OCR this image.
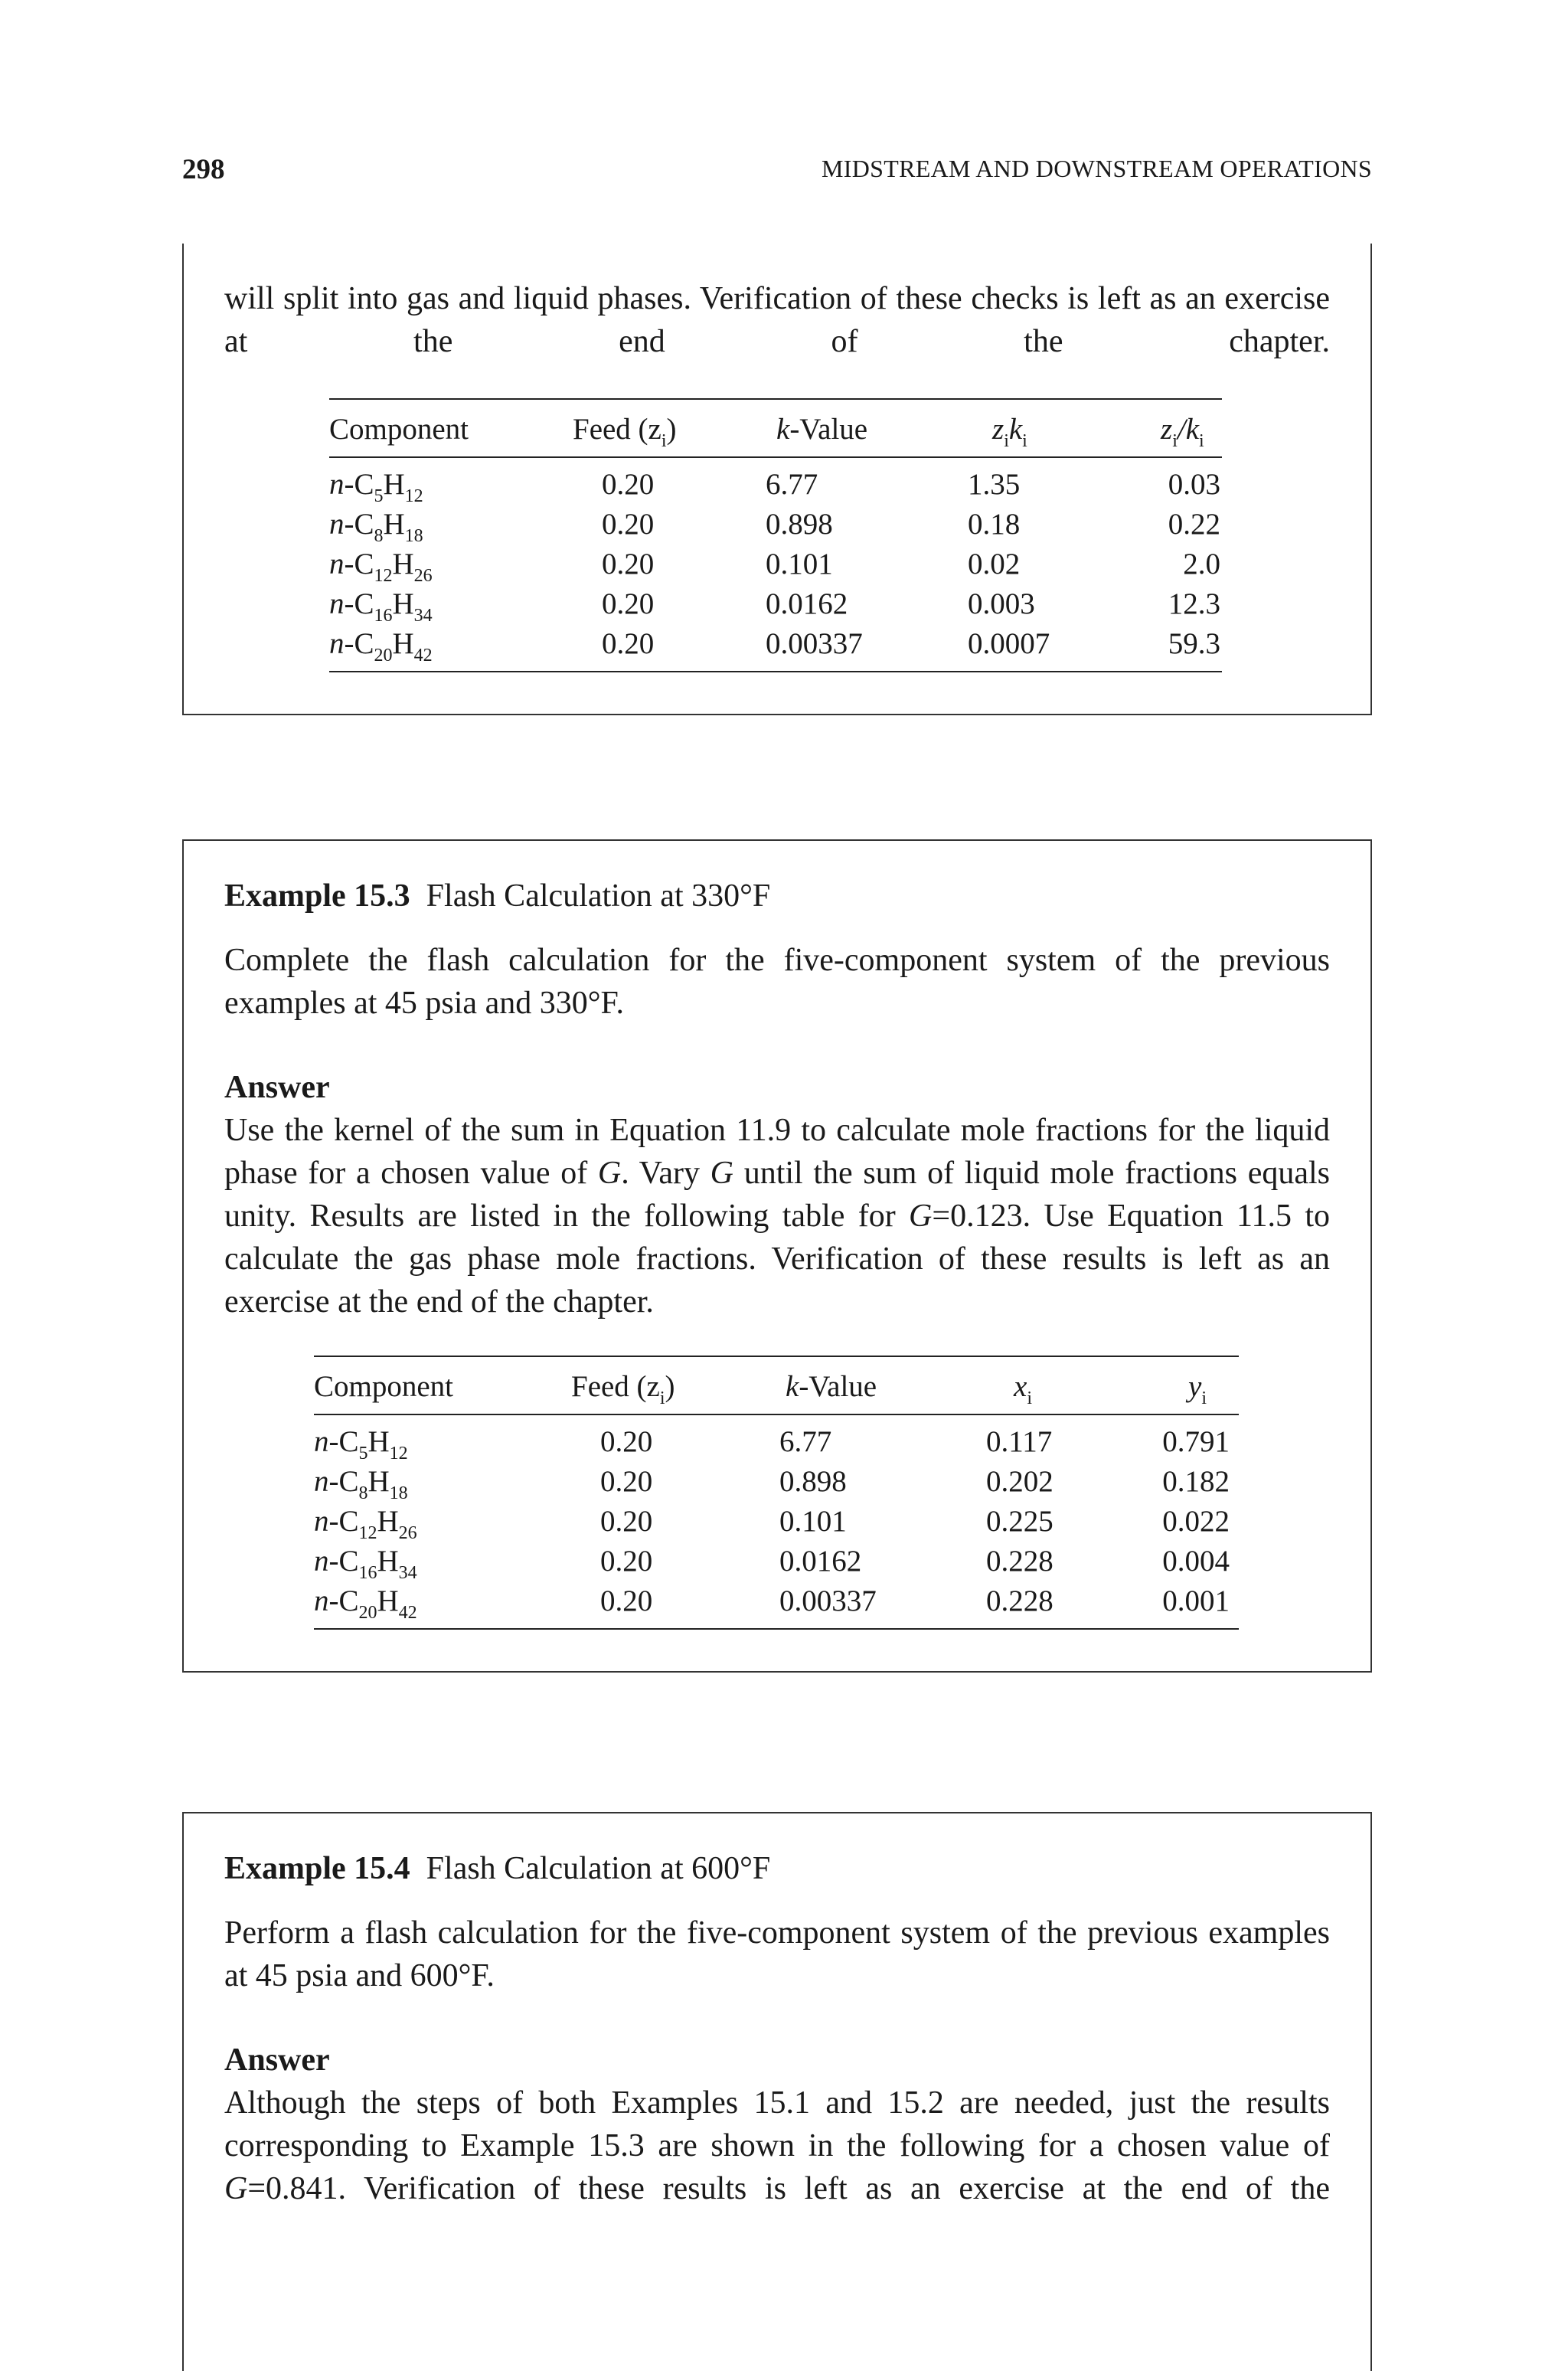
298	MIDSTREAM AND DOWNSTREAM OPERATIONS
will split into gas and liquid phases. Verification of these checks is left as an exercise at the end of the chapter.
Component	Feed $(z_i)$	k-Value	$z_ik_i$	$z_i/k_i$
$n-C_5H_{12}$	0.20	6.77	1.35	0.03
$n-C_8H_{18}$	0.20	0.898	0.18	0.22
$n-C_{12}H_{26}$	0.20	0.101	0.02	2.0
$n-C_{16}H_{34}$	0.20	0.0162	0.003	12.3
$n-C_{20}H_{42}$	0.20	0.00337	0.0007	59.3
Example 15.3 Flash Calculation at 330°F
Complete the flash calculation for the five-component system of the previous examples at 45 psia and 330°F.
Answer
Use the kernel of the sum in Equation 11.9 to calculate mole fractions for the liquid phase for a chosen value of G. Vary G until the sum of liquid mole fractions equals unity. Results are listed in the following table for G=0.123. Use Equation 11.5 to calculate the gas phase mole fractions. Verification of these results is left as an exercise at the end of the chapter.
Component	Feed $(z_i)$	k-Value	$x_i$	$y_i$
$n-C_5H_{12}$	0.20	6.77	0.117	0.791
$n-C_8H_{18}$	0.20	0.898	0.202	0.182
$n-C_{12}H_{26}$	0.20	0.101	0.225	0.022
$n-C_{16}H_{34}$	0.20	0.0162	0.228	0.004
$n-C_{20}H_{42}$	0.20	0.00337	0.228	0.001
Example 15.4 Flash Calculation at 600°F
Perform a flash calculation for the five-component system of the previous examples at 45 psia and 600°F.
Answer
Although the steps of both Examples 15.1 and 15.2 are needed, just the results corresponding to Example 15.3 are shown in the following for a chosen value of G=0.841. Verification of these results is left as an exercise at the end of the
